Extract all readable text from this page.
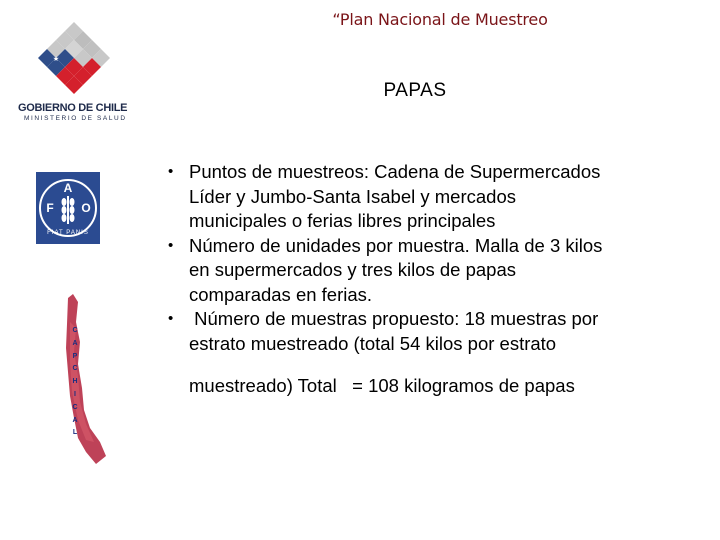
“Plan Nacional de Muestreo
PAPAS
★
GOBIERNO DE CHILE
MINISTERIO DE SALUD
F
A
O
FIAT PANIS
C
A
P
C
H
I
C
A
L
• Puntos de muestreos: Cadena de Supermercados
Líder y Jumbo-Santa Isabel y mercados
municipales o ferias libres principales
• Número de unidades por muestra. Malla de 3 kilos
en supermercados y tres kilos de papas
comparadas en ferias.
• Número de muestras propuesto: 18 muestras por
estrato muestreado (total 54 kilos por estrato
muestreado) Total   = 108 kilogramos de papas
